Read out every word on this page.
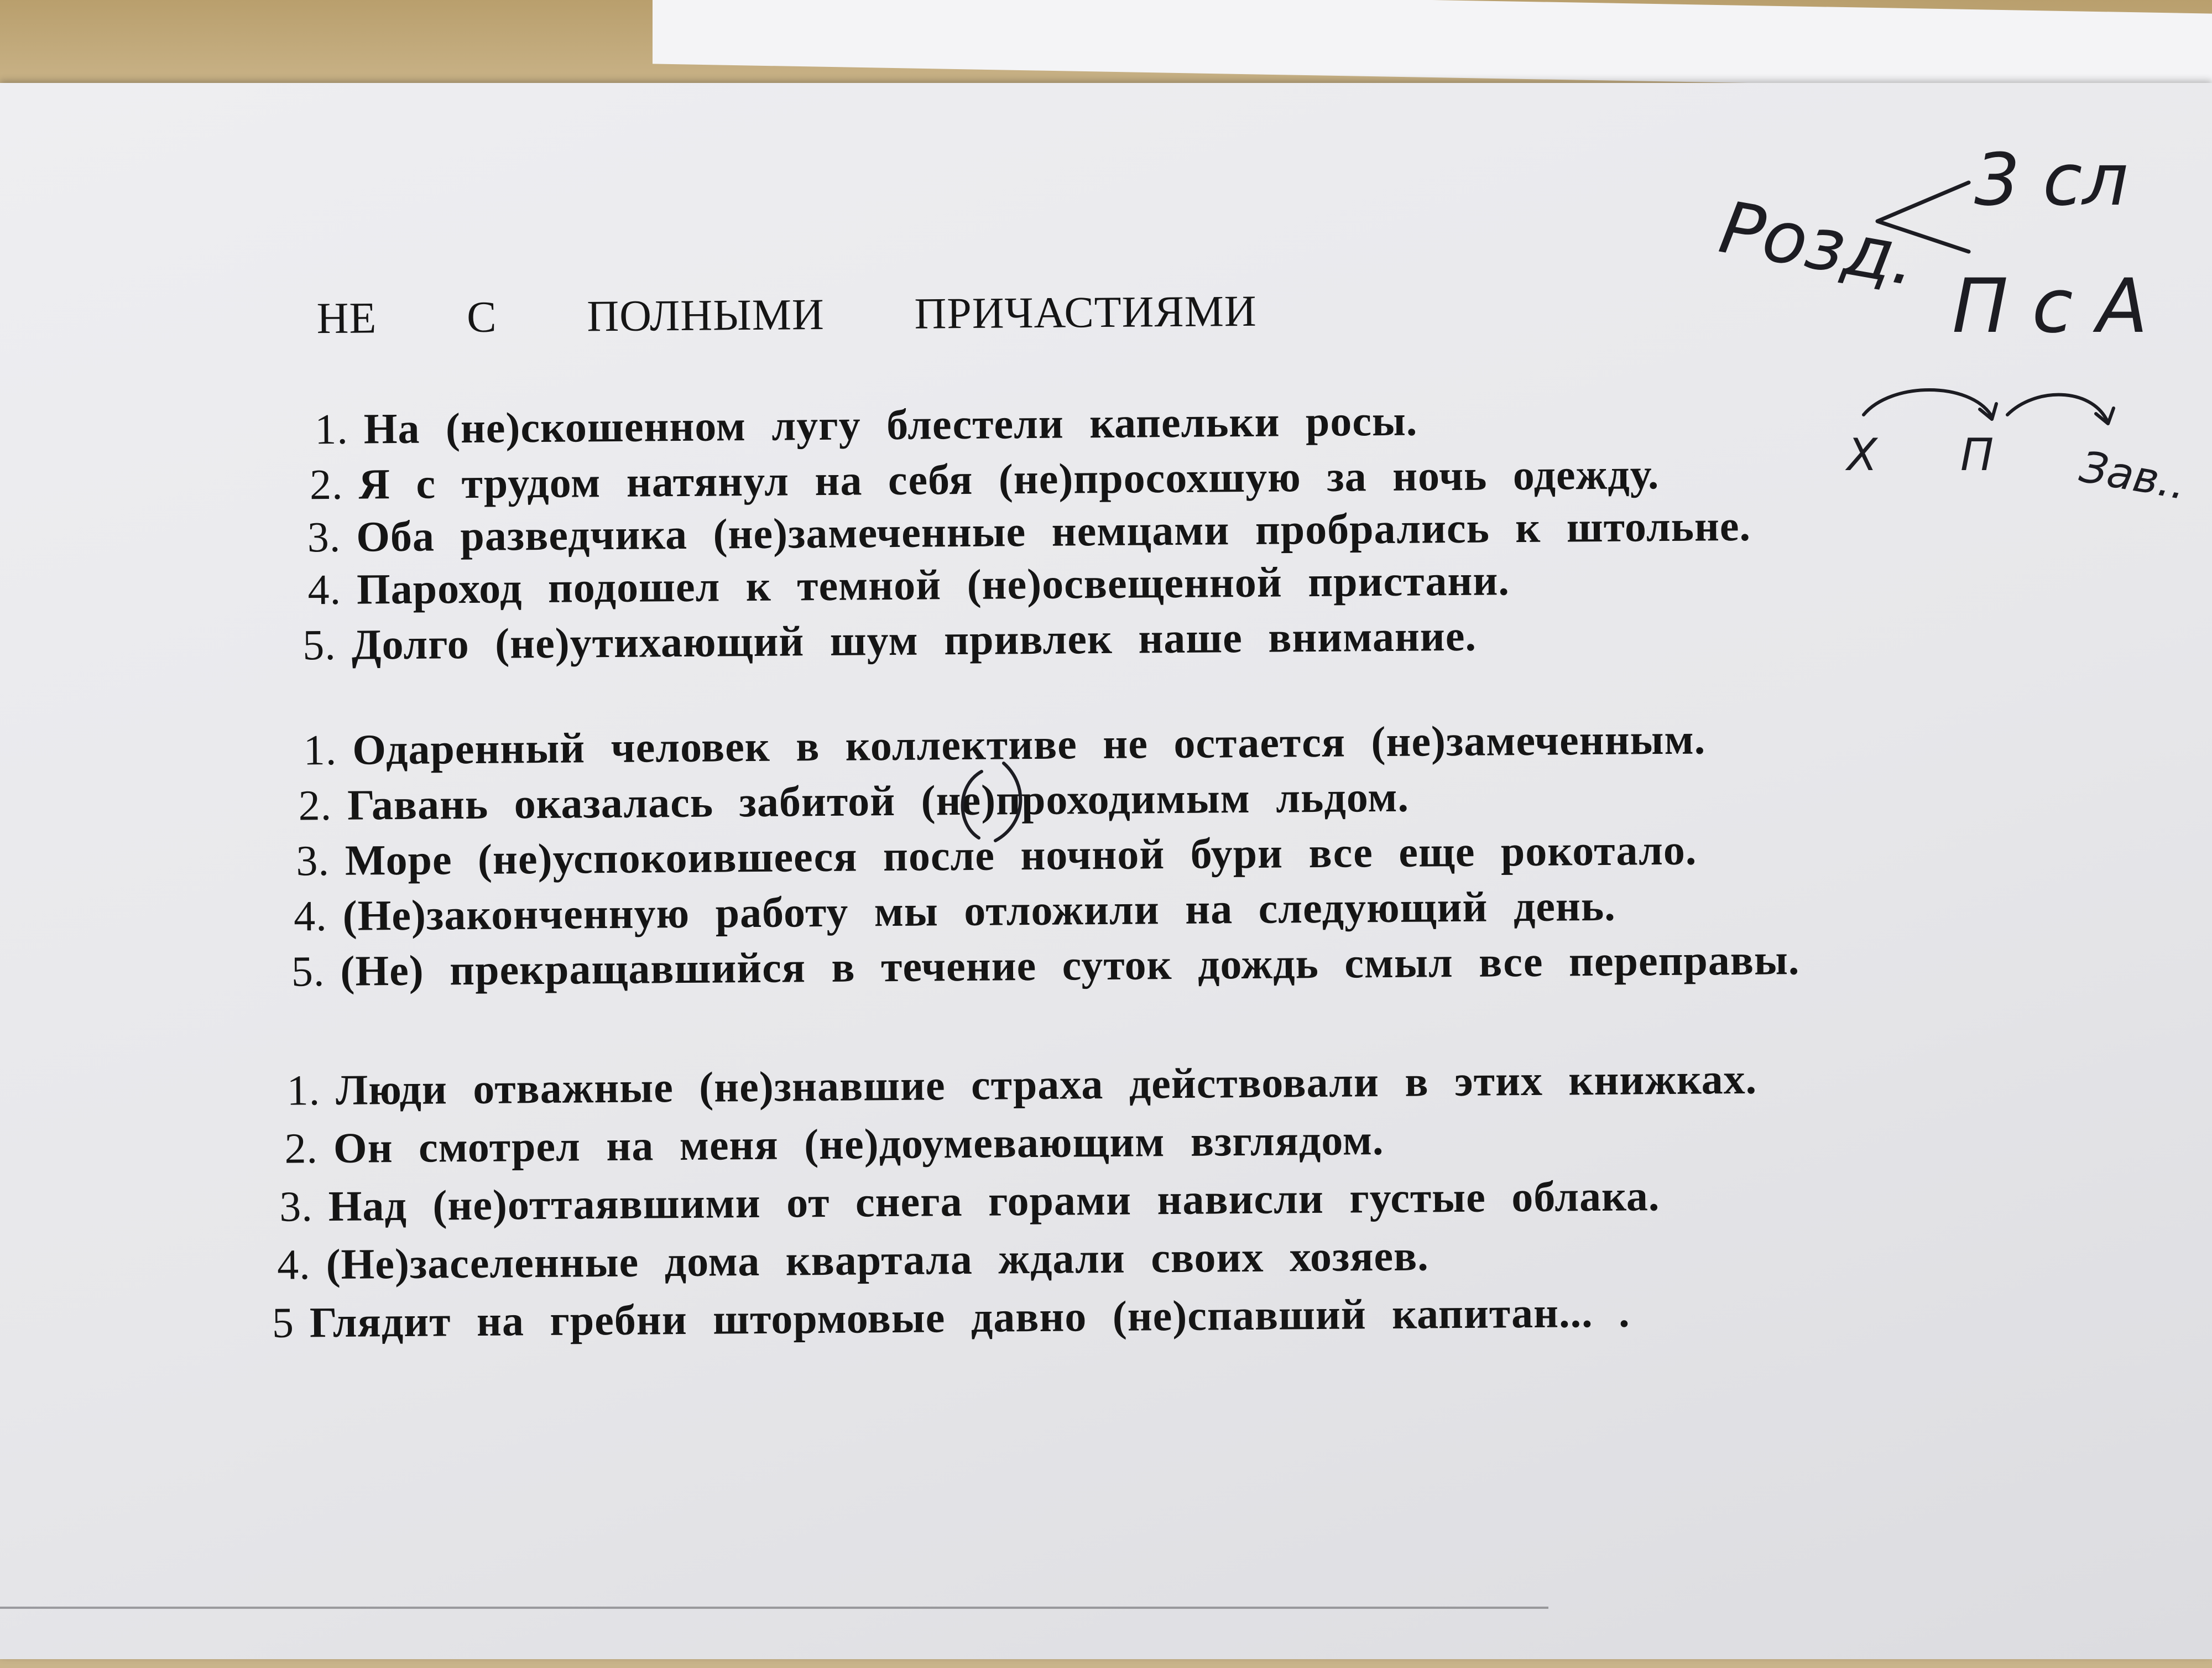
НЕ С ПОЛНЫМИ ПРИЧАСТИЯМИ
1. На (не)скошенном лугу блестели капельки росы.
2. Я с трудом натянул на себя (не)просохшую за ночь одежду.
3. Оба разведчика (не)замеченные немцами пробрались к штольне.
4. Пароход подошел к темной (не)освещенной пристани.
5. Долго (не)утихающий шум привлек наше внимание.
1. Одаренный человек в коллективе не остается (не)замеченным.
2. Гавань оказалась забитой (не)проходимым льдом.
3. Море (не)успокоившееся после ночной бури все еще рокотало.
4. (Не)законченную работу мы отложили на следующий день.
5. (Не) прекращавшийся в течение суток дождь смыл все переправы.
1. Люди отважные (не)знавшие страха действовали в этих книжках.
2. Он смотрел на меня (не)доумевающим взглядом.
3. Над (не)оттаявшими от снега горами нависли густые облака.
4. (Не)заселенные дома квартала ждали своих хозяев.
5 Глядит на гребни штормовые давно (не)спавший капитан... .
Розд.
3 сл
П с А
Х П Зав..
